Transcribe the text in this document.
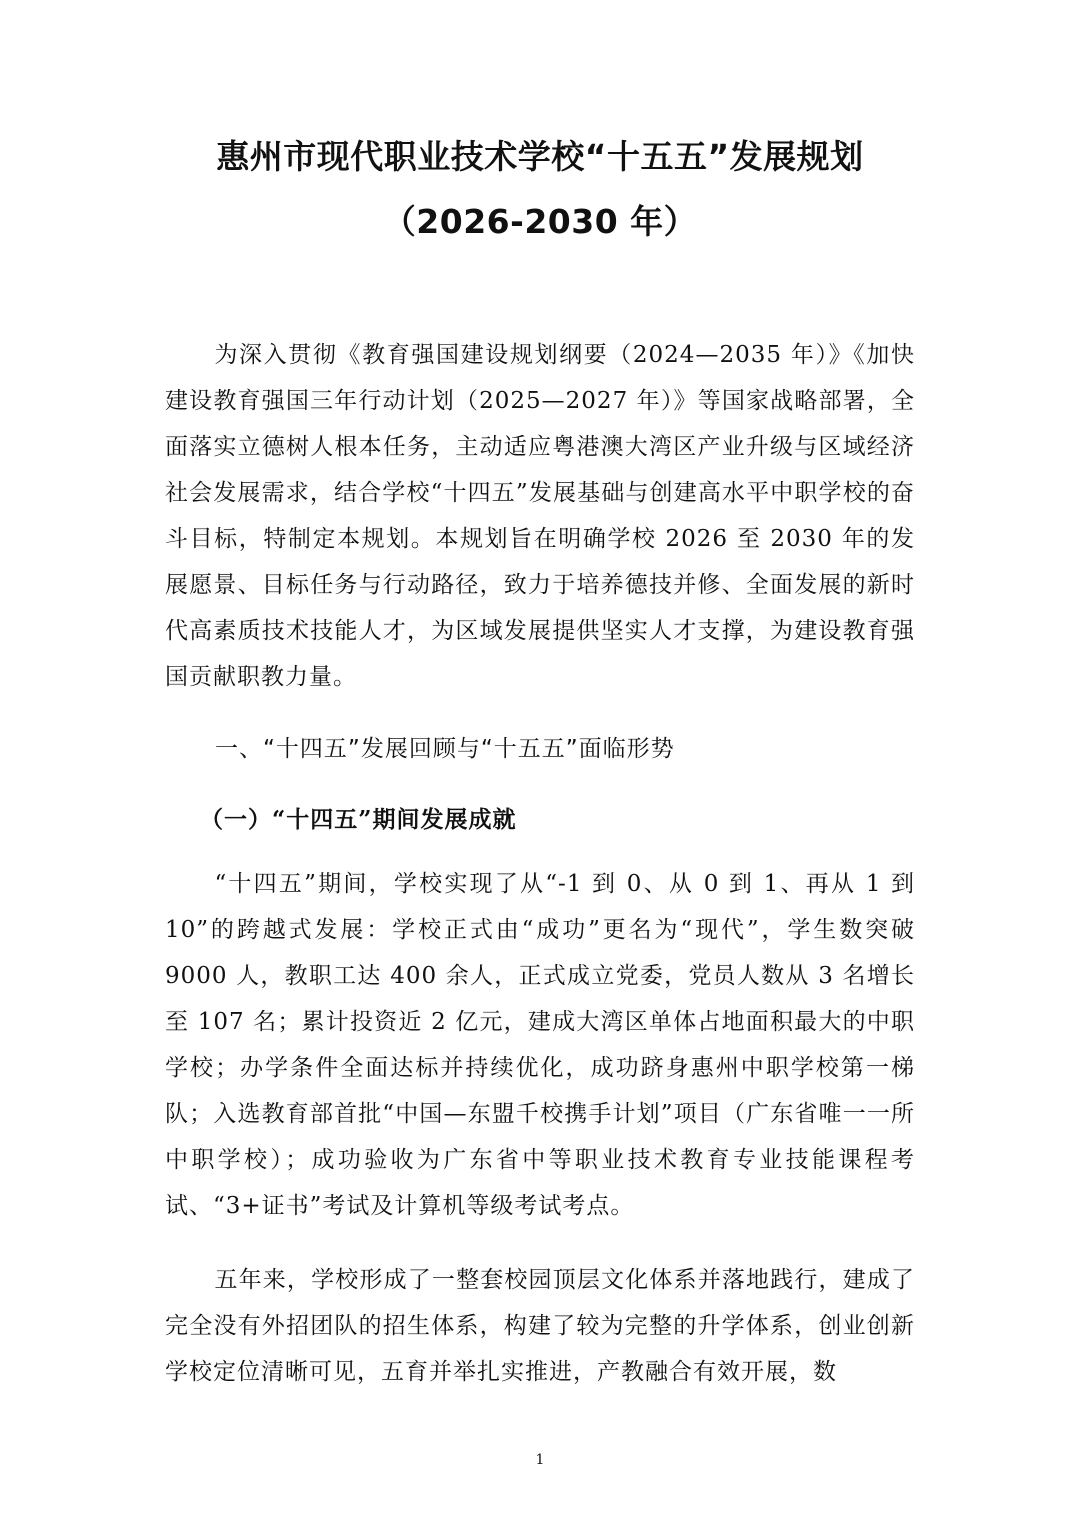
惠州市现代职业技术学校“十五五”发展规划
（2026-2030 年）

为深入贯彻《教育强国建设规划纲要（2024—2035 年）》《加快建设教育强国三年行动计划（2025—2027 年）》等国家战略部署，全面落实立德树人根本任务，主动适应粤港澳大湾区产业升级与区域经济社会发展需求，结合学校“十四五”发展基础与创建高水平中职学校的奋斗目标，特制定本规划。本规划旨在明确学校 2026 至 2030 年的发展愿景、目标任务与行动路径，致力于培养德技并修、全面发展的新时代高素质技术技能人才，为区域发展提供坚实人才支撑，为建设教育强国贡献职教力量。

一、“十四五”发展回顾与“十五五”面临形势
（一）“十四五”期间发展成就

“十四五”期间，学校实现了从“-1 到 0、从 0 到 1、再从 1 到 10”的跨越式发展：学校正式由“成功”更名为“现代”，学生数突破 9000 人，教职工达 400 余人，正式成立党委，党员人数从 3 名增长至 107 名；累计投资近 2 亿元，建成大湾区单体占地面积最大的中职学校；办学条件全面达标并持续优化，成功跻身惠州中职学校第一梯队；入选教育部首批“中国—东盟千校携手计划”项目（广东省唯一一所中职学校）；成功验收为广东省中等职业技术教育专业技能课程考试、“3+证书”考试及计算机等级考试考点。

五年来，学校形成了一整套校园顶层文化体系并落地践行，建成了完全没有外招团队的招生体系，构建了较为完整的升学体系，创业创新学校定位清晰可见，五育并举扎实推进，产教融合有效开展，数

1
